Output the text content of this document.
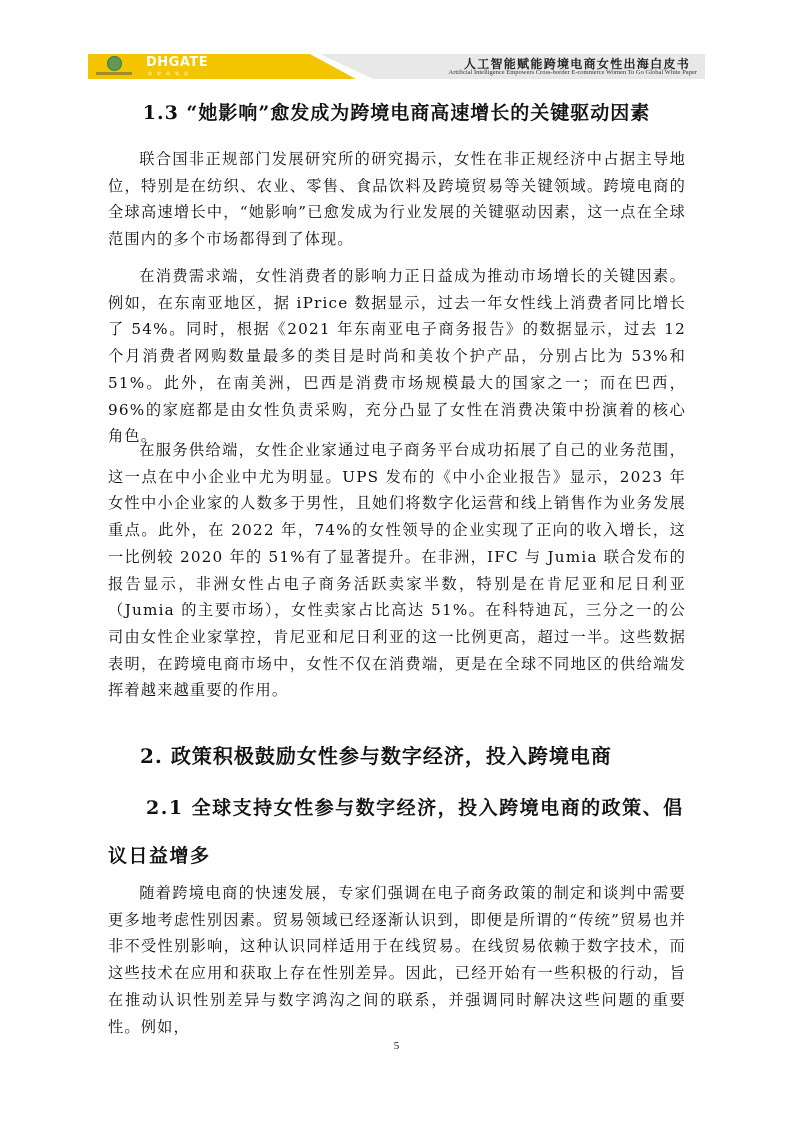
DHGATE
敦煌网集团
人工智能赋能跨境电商女性出海白皮书
Artificial Intelligence Empowers Cross-border E-commerce Women To Go Global White Paper
1.3 “她影响”愈发成为跨境电商高速增长的关键驱动因素
联合国非正规部门发展研究所的研究揭示，女性在非正规经济中占据主导地位，特别是在纺织、农业、零售、食品饮料及跨境贸易等关键领域。跨境电商的全球高速增长中，“她影响”已愈发成为行业发展的关键驱动因素，这一点在全球范围内的多个市场都得到了体现。
在消费需求端，女性消费者的影响力正日益成为推动市场增长的关键因素。例如，在东南亚地区，据 iPrice 数据显示，过去一年女性线上消费者同比增长了 54%。同时，根据《2021 年东南亚电子商务报告》的数据显示，过去 12 个月消费者网购数量最多的类目是时尚和美妆个护产品，分别占比为 53%和 51%。此外，在南美洲，巴西是消费市场规模最大的国家之一；而在巴西，96%的家庭都是由女性负责采购，充分凸显了女性在消费决策中扮演着的核心角色。
在服务供给端，女性企业家通过电子商务平台成功拓展了自己的业务范围，这一点在中小企业中尤为明显。UPS 发布的《中小企业报告》显示，2023 年女性中小企业家的人数多于男性，且她们将数字化运营和线上销售作为业务发展重点。此外，在 2022 年，74%的女性领导的企业实现了正向的收入增长，这一比例较 2020 年的 51%有了显著提升。在非洲，IFC 与 Jumia 联合发布的报告显示，非洲女性占电子商务活跃卖家半数，特别是在肯尼亚和尼日利亚（Jumia 的主要市场），女性卖家占比高达 51%。在科特迪瓦，三分之一的公司由女性企业家掌控，肯尼亚和尼日利亚的这一比例更高，超过一半。这些数据表明，在跨境电商市场中，女性不仅在消费端，更是在全球不同地区的供给端发挥着越来越重要的作用。
2. 政策积极鼓励女性参与数字经济，投入跨境电商
2.1 全球支持女性参与数字经济，投入跨境电商的政策、倡议日益增多
随着跨境电商的快速发展，专家们强调在电子商务政策的制定和谈判中需要更多地考虑性别因素。贸易领域已经逐渐认识到，即便是所谓的“传统”贸易也并非不受性别影响，这种认识同样适用于在线贸易。在线贸易依赖于数字技术，而这些技术在应用和获取上存在性别差异。因此，已经开始有一些积极的行动，旨在推动认识性别差异与数字鸿沟之间的联系，并强调同时解决这些问题的重要性。例如，
5
